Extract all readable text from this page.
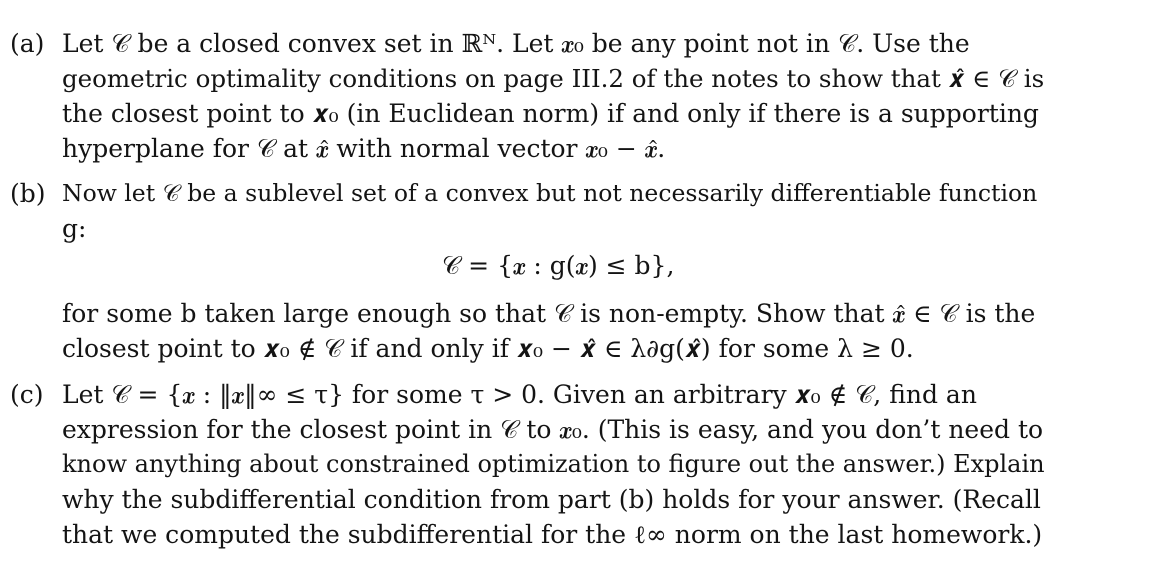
(a) Let 𝒞 be a closed convex set in ℝᴺ. Let 𝒙₀ be any point not in 𝒞. Use the
geometric optimality conditions on page III.2 of the notes to show that 𝒙̂ ∈ 𝒞 is
the closest point to 𝒙₀ (in Euclidean norm) if and only if there is a supporting
hyperplane for 𝒞 at 𝒙̂ with normal vector 𝒙₀ − 𝒙̂.
(b) Now let 𝒞 be a sublevel set of a convex but not necessarily differentiable function
g:
𝒞 = {𝒙 : g(𝒙) ≤ b},
for some b taken large enough so that 𝒞 is non-empty. Show that 𝒙̂ ∈ 𝒞 is the
closest point to 𝒙₀ ∉ 𝒞 if and only if 𝒙₀ − 𝒙̂ ∈ λ∂g(𝒙̂) for some λ ≥ 0.
(c) Let 𝒞 = {𝒙 : ‖𝒙‖∞ ≤ τ} for some τ > 0. Given an arbitrary 𝒙₀ ∉ 𝒞, find an
expression for the closest point in 𝒞 to 𝒙₀. (This is easy, and you don’t need to
know anything about constrained optimization to figure out the answer.) Explain
why the subdifferential condition from part (b) holds for your answer. (Recall
that we computed the subdifferential for the ℓ∞ norm on the last homework.)
